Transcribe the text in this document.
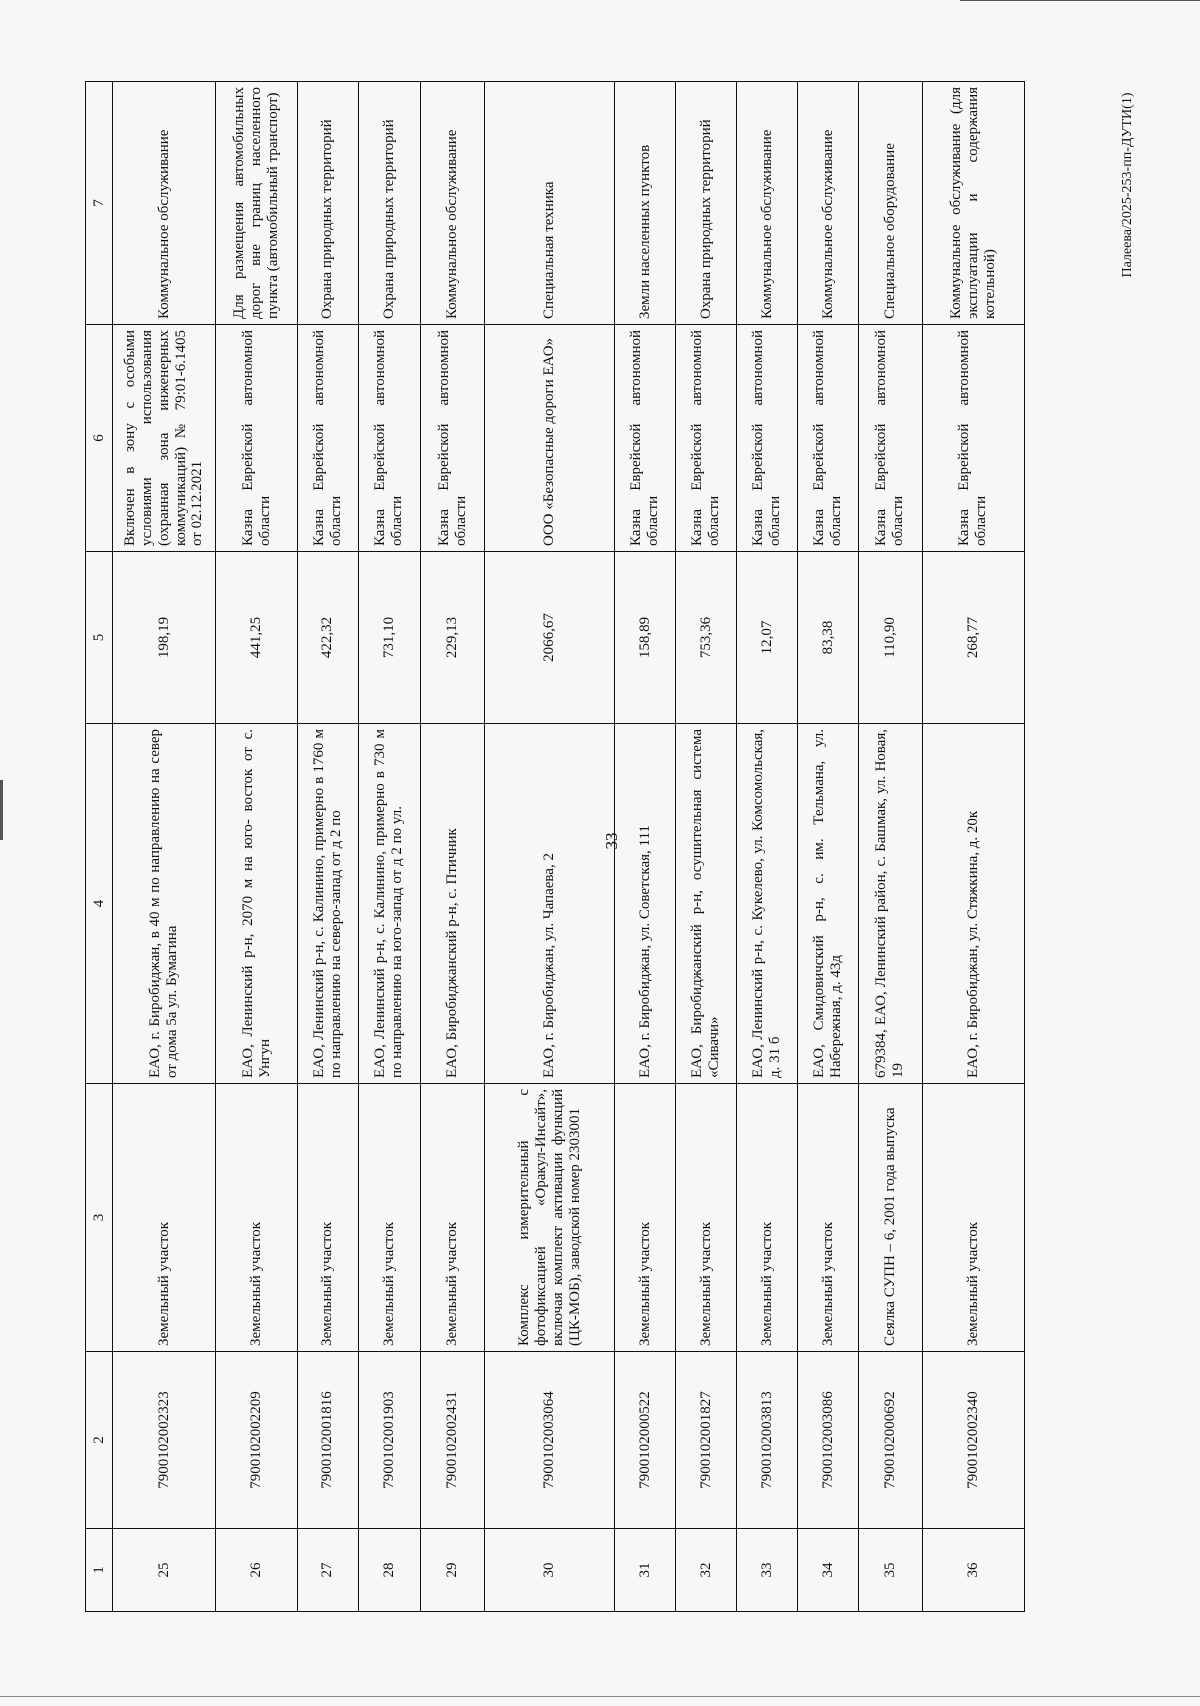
33
Палеева/2025-253-пп-ДУТИ(1)
1	2	3	4	5	6	7
25	7900102002323	Земельный участок	ЕАО, г. Биробиджан, в 40 м по направлению на север от дома 5а ул. Бумагина	198,19	Включен в зону с особыми условиями использования (охранная зона инженерных коммуникаций) № 79:01-6.1405 от 02.12.2021	Коммунальное обслуживание
26	7900102002209	Земельный участок	ЕАО, Ленинский р-н, 2070 м на юго- восток от с. Унгун	441,25	Казна Еврейской автономной области	Для размещения автомобильных дорог вне границ населенного пункта (автомобильный транспорт)
27	7900102001816	Земельный участок	ЕАО, Ленинский р-н, с. Калинино, примерно в 1760 м по направлению на северо-запад от д 2 по	422,32	Казна Еврейской автономной области	Охрана природных территорий
28	7900102001903	Земельный участок	ЕАО, Ленинский р-н, с. Калинино, примерно в 730 м по направлению на юго-запад от д 2 по ул.	731,10	Казна Еврейской автономной области	Охрана природных территорий
29	7900102002431	Земельный участок	ЕАО, Биробиджанский р-н, с. Птичник	229,13	Казна Еврейской автономной области	Коммунальное обслуживание
30	7900102003064	Комплекс измерительный с фотофиксацией «Оракул-Инсайт», включая комплект активации функций (ЦК-МОБ), заводской номер 2303001	ЕАО, г. Биробиджан, ул. Чапаева, 2	2066,67	ООО «Безопасные дороги ЕАО»	Специальная техника
31	7900102000522	Земельный участок	ЕАО, г. Биробиджан, ул. Советская, 111	158,89	Казна Еврейской автономной области	Земли населенных пунктов
32	7900102001827	Земельный участок	ЕАО, Биробиджанский р-н, осушительная система «Сивачи»	753,36	Казна Еврейской автономной области	Охрана природных территорий
33	7900102003813	Земельный участок	ЕАО, Ленинский р-н, с. Кукелево, ул. Комсомольская, д. 31 б	12,07	Казна Еврейской автономной области	Коммунальное обслуживание
34	7900102003086	Земельный участок	ЕАО, Смидовичский р-н, с. им. Тельмана, ул. Набережная, д. 43д	83,38	Казна Еврейской автономной области	Коммунальное обслуживание
35	7900102000692	Сеялка СУПН – 6, 2001 года выпуска	679384, ЕАО, Ленинский район, с. Башмак, ул. Новая, 19	110,90	Казна Еврейской автономной области	Специальное оборудование
36	7900102002340	Земельный участок	ЕАО, г. Биробиджан, ул. Стяжкина, д. 20к	268,77	Казна Еврейской автономной области	Коммунальное обслуживание (для эксплуатации и содержания котельной)
